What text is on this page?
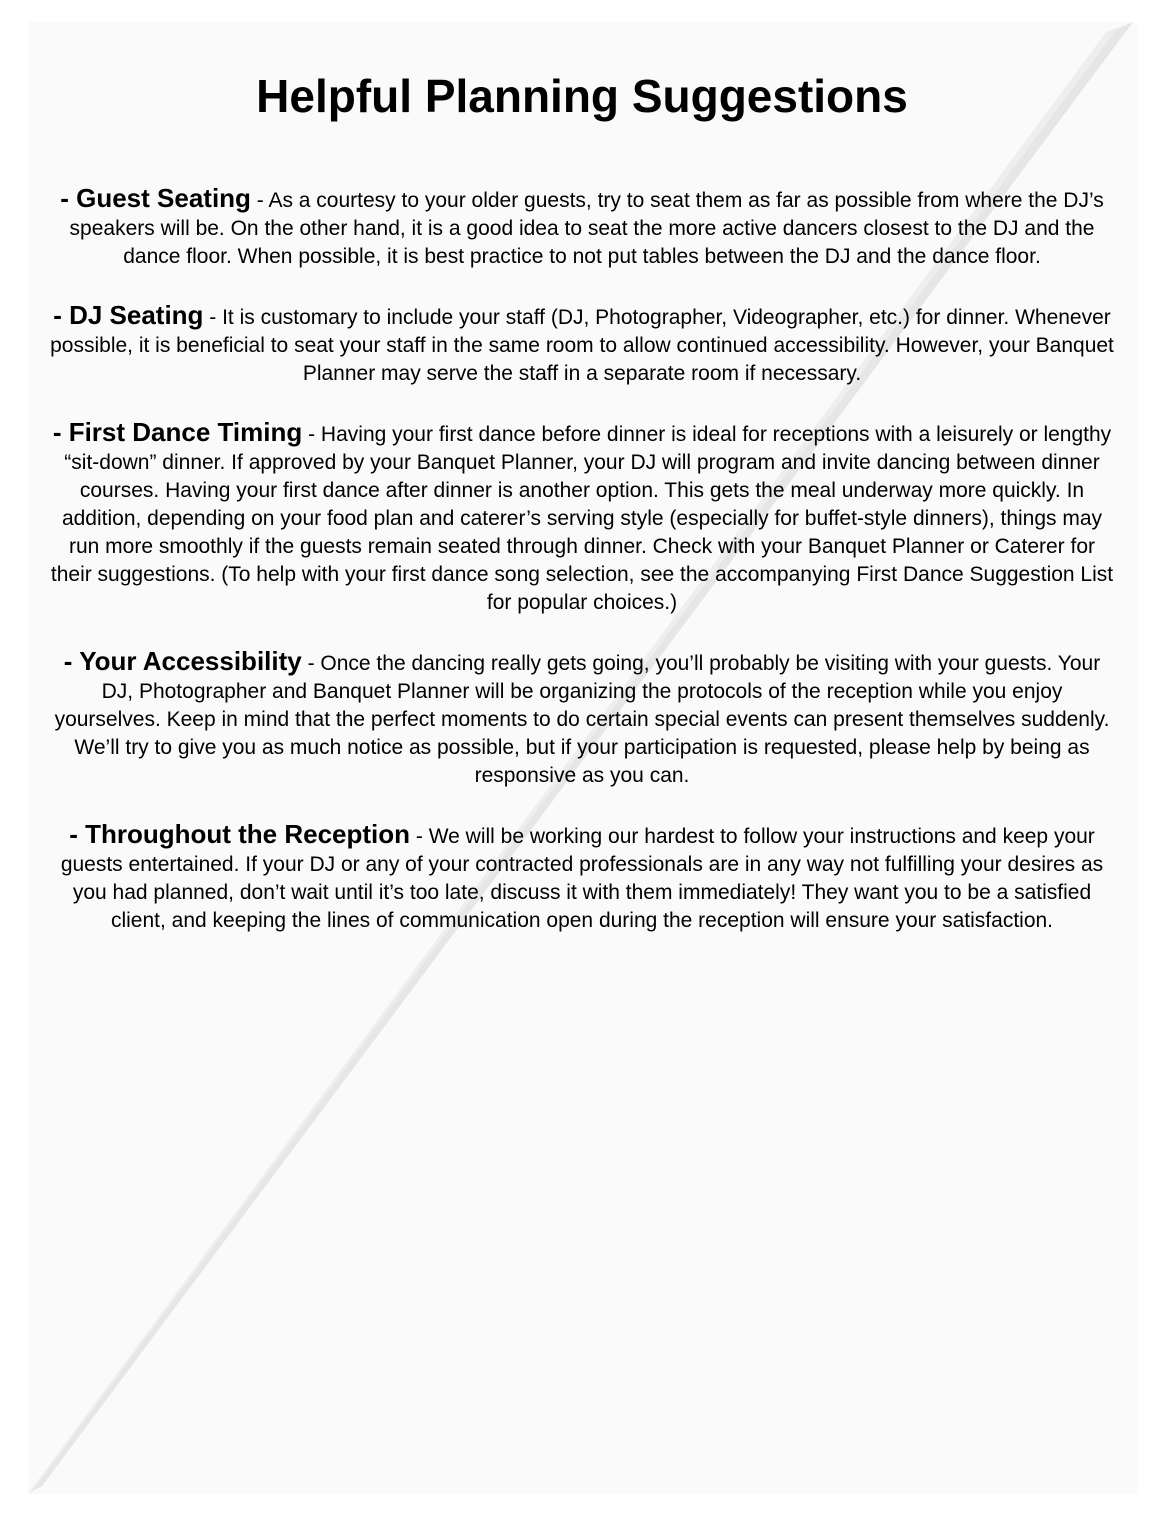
Helpful Planning Suggestions

- Guest Seating - As a courtesy to your older guests, try to seat them as far as possible from where the DJ’s speakers will be. On the other hand, it is a good idea to seat the more active dancers closest to the DJ and the dance floor. When possible, it is best practice to not put tables between the DJ and the dance floor.

- DJ Seating - It is customary to include your staff (DJ, Photographer, Videographer, etc.) for dinner. Whenever possible, it is beneficial to seat your staff in the same room to allow continued accessibility. However, your Banquet Planner may serve the staff in a separate room if necessary.

- First Dance Timing - Having your first dance before dinner is ideal for receptions with a leisurely or lengthy “sit-down” dinner. If approved by your Banquet Planner, your DJ will program and invite dancing between dinner courses. Having your first dance after dinner is another option. This gets the meal underway more quickly. In addition, depending on your food plan and caterer’s serving style (especially for buffet-style dinners), things may run more smoothly if the guests remain seated through dinner. Check with your Banquet Planner or Caterer for their suggestions. (To help with your first dance song selection, see the accompanying First Dance Suggestion List for popular choices.)

- Your Accessibility - Once the dancing really gets going, you’ll probably be visiting with your guests. Your DJ, Photographer and Banquet Planner will be organizing the protocols of the reception while you enjoy yourselves. Keep in mind that the perfect moments to do certain special events can present themselves suddenly. We’ll try to give you as much notice as possible, but if your participation is requested, please help by being as responsive as you can.

- Throughout the Reception - We will be working our hardest to follow your instructions and keep your guests entertained. If your DJ or any of your contracted professionals are in any way not fulfilling your desires as you had planned, don’t wait until it’s too late, discuss it with them immediately! They want you to be a satisfied client, and keeping the lines of communication open during the reception will ensure your satisfaction.
